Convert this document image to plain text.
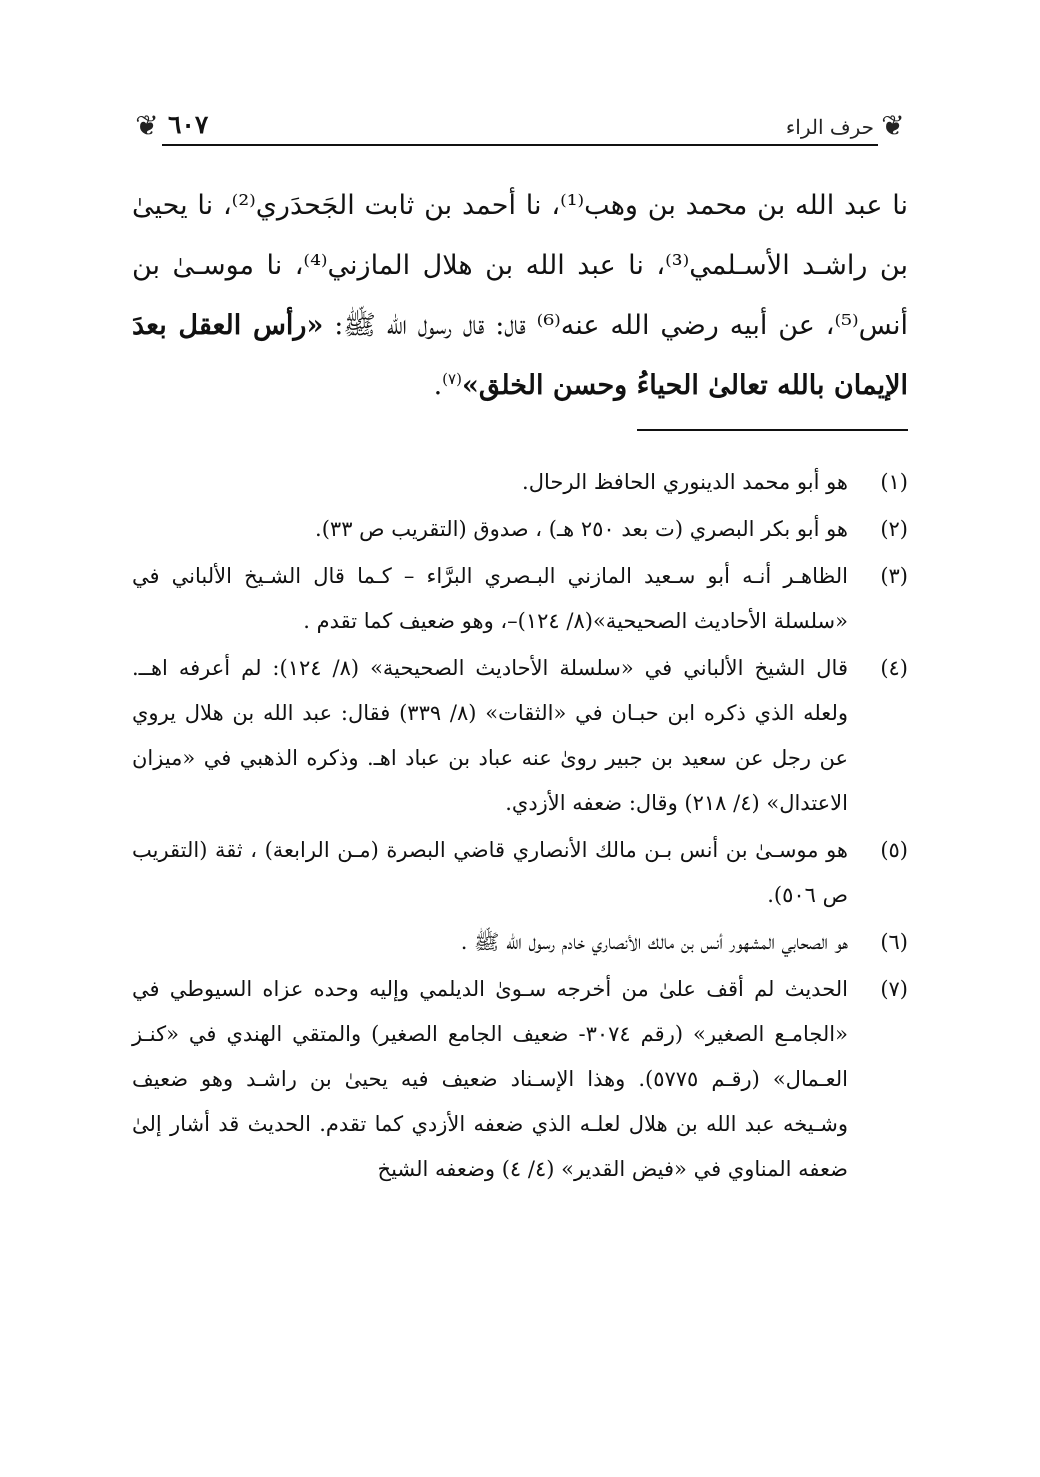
❦
حرف الراء
٦٠٧
❦

نا عبد الله بن محمد بن وهب⁽¹⁾، نا أحمد بن ثابت الجَحدَري⁽²⁾، نا يحيىٰ بن راشـد الأسـلمي⁽³⁾، نا عبد الله بن هلال المازني⁽⁴⁾، نا موسـىٰ بن أنس⁽⁵⁾، عن أبيه رضي الله عنه⁽⁶⁾ قال: قال رسول الله ﷺ: «رأس العقل بعدَ الإيمان بالله تعالىٰ الحياءُ وحسن الخلق»$^{(٧)}$.

(١)
هو أبو محمد الدينوري الحافظ الرحال.
(٢)
هو أبو بكر البصري (ت بعد ٢٥٠ هـ) ، صدوق (التقريب ص ٣٣).
(٣)
الظاهـر أنـه أبو سـعيد المازني البـصري البرَّاء – كـما قال الشـيخ الألباني في «سلسلة الأحاديث الصحيحية»(٨/ ١٢٤)–، وهو ضعيف كما تقدم .
(٤)
قال الشيخ الألباني في «سلسلة الأحاديث الصحيحية» (٨/ ١٢٤): لم أعرفه اهــ. ولعله الذي ذكره ابن حبـان في «الثقات» (٨/ ٣٣٩) فقال: عبد الله بن هلال يروي عن رجل عن سعيد بن جبير روىٰ عنه عباد بن عباد اهـ. وذكره الذهبي في «ميزان الاعتدال» (٤/ ٢١٨) وقال: ضعفه الأزدي.
(٥)
هو موسـىٰ بن أنس بـن مالك الأنصاري قاضي البصرة (مـن الرابعة) ، ثقة (التقريب ص ٥٠٦).
(٦)
هو الصحابي المشهور أنس بن مالك الأنصاري خادم رسول الله ﷺ .
(٧)
الحديث لم أقف علىٰ من أخرجه سـوىٰ الديلمي وإليه وحده عزاه السيوطي في «الجامـع الصغير» (رقم ٣٠٧٤- ضعيف الجامع الصغير) والمتقي الهندي في «كنـز العـمال» (رقـم ٥٧٧٥). وهذا الإسـناد ضعيف فيه يحيىٰ بن راشـد وهو ضعيف وشـيخه عبد الله بن هلال لعلـه الذي ضعفه الأزدي كما تقدم. الحديث قد أشار إلىٰ ضعفه المناوي في «فيض القدير» (٤/ ٤) وضعفه الشيخ
